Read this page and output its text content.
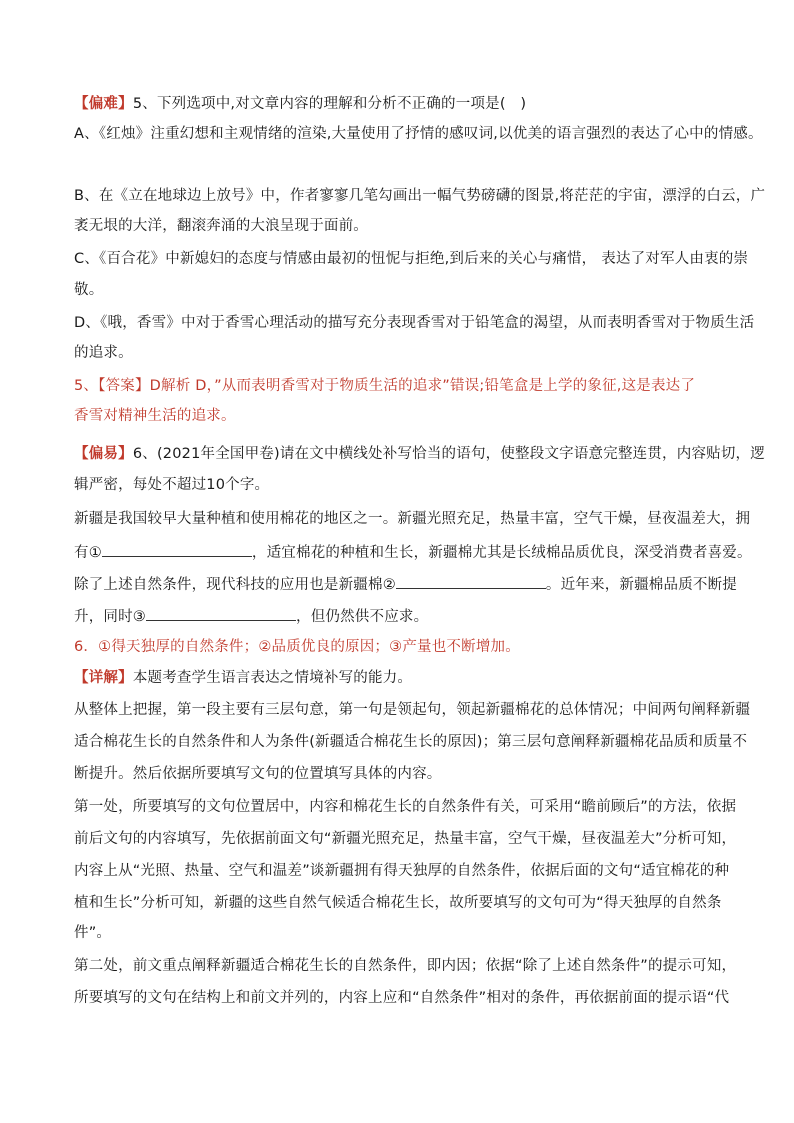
【偏难】5、下列选项中,对文章内容的理解和分析不正确的一项是(　)
A、《红烛》注重幻想和主观情绪的渲染,大量使用了抒情的感叹词,以优美的语言强烈的表达了心中的情感。
B、在《立在地球边上放号》中，作者寥寥几笔勾画出一幅气势磅礴的图景,将茫茫的宇宙，漂浮的白云，广
袤无垠的大洋，翻滚奔涌的大浪呈现于面前。
C、《百合花》中新媳妇的态度与情感由最初的忸怩与拒绝,到后来的关心与痛惜， 表达了对军人由衷的崇
敬。
D、《哦，香雪》中对于香雪心理活动的描写充分表现香雪对于铅笔盒的渴望，从而表明香雪对于物质生活
的追求。
5、【答案】D解析 D，”从而表明香雪对于物质生活的追求”错误;铅笔盒是上学的象征,这是表达了
香雪对精神生活的追求。
【偏易】6、(2021年全国甲卷)请在文中横线处补写恰当的语句，使整段文字语意完整连贯，内容贴切，逻
辑严密，每处不超过10个字。
新疆是我国较早大量种植和使用棉花的地区之一。新疆光照充足，热量丰富，空气干燥，昼夜温差大，拥
有①	，适宜棉花的种植和生长，新疆棉尤其是长绒棉品质优良，深受消费者喜爱。
除了上述自然条件，现代科技的应用也是新疆棉②	。近年来，新疆棉品质不断提
升，同时③	，但仍然供不应求。
6．①得天独厚的自然条件；②品质优良的原因；③产量也不断增加。
【详解】本题考查学生语言表达之情境补写的能力。
从整体上把握，第一段主要有三层句意，第一句是领起句，领起新疆棉花的总体情况；中间两句阐释新疆
适合棉花生长的自然条件和人为条件(新疆适合棉花生长的原因)；第三层句意阐释新疆棉花品质和质量不
断提升。然后依据所要填写文句的位置填写具体的内容。
第一处，所要填写的文句位置居中，内容和棉花生长的自然条件有关，可采用“瞻前顾后”的方法，依据
前后文句的内容填写，先依据前面文句“新疆光照充足，热量丰富，空气干燥，昼夜温差大”分析可知，
内容上从“光照、热量、空气和温差”谈新疆拥有得天独厚的自然条件，依据后面的文句“适宜棉花的种
植和生长”分析可知，新疆的这些自然气候适合棉花生长，故所要填写的文句可为“得天独厚的自然条
件”。
第二处，前文重点阐释新疆适合棉花生长的自然条件，即内因；依据“除了上述自然条件”的提示可知，
所要填写的文句在结构上和前文并列的，内容上应和“自然条件”相对的条件，再依据前面的提示语“代
